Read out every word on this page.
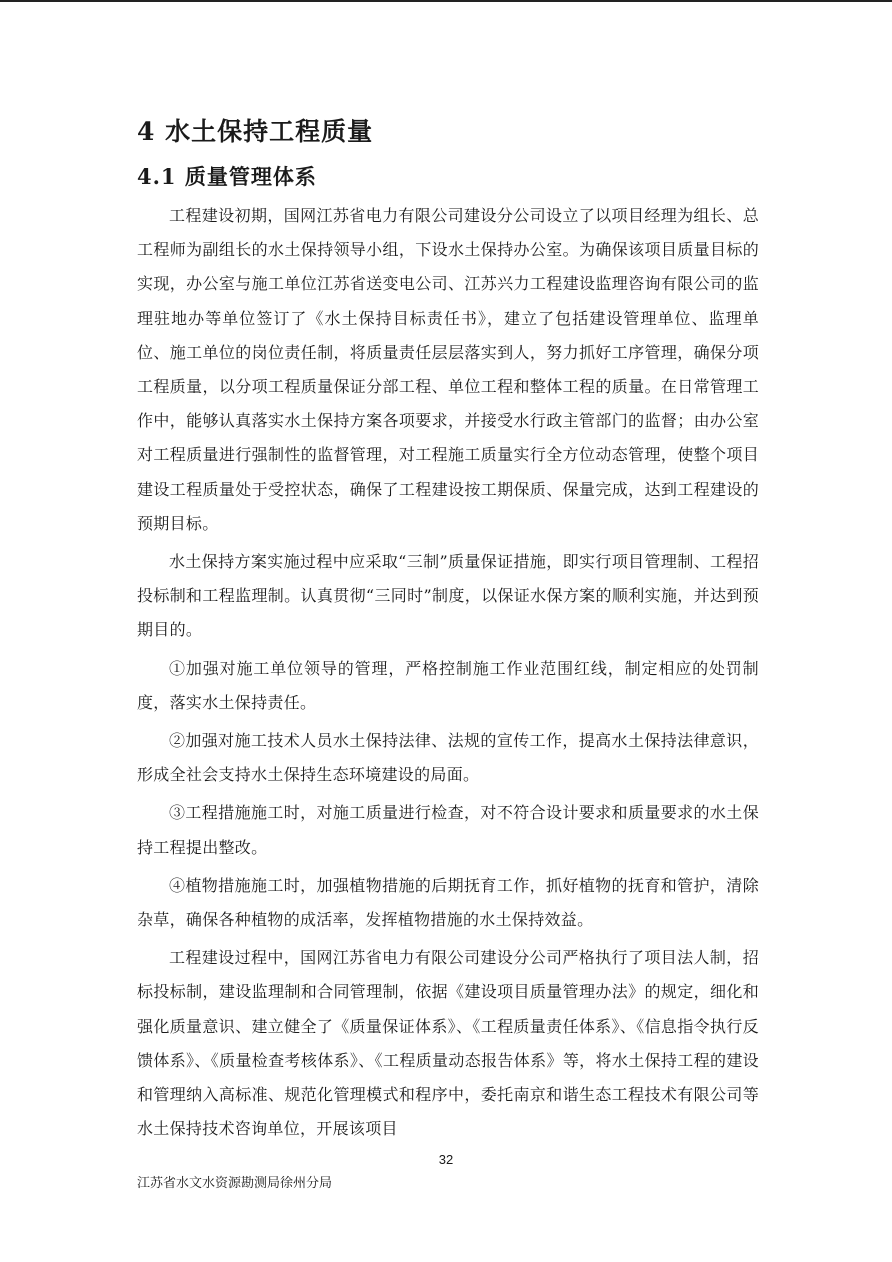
4 水土保持工程质量
4.1 质量管理体系

工程建设初期，国网江苏省电力有限公司建设分公司设立了以项目经理为组长、总工程师为副组长的水土保持领导小组，下设水土保持办公室。为确保该项目质量目标的实现，办公室与施工单位江苏省送变电公司、江苏兴力工程建设监理咨询有限公司的监理驻地办等单位签订了《水土保持目标责任书》，建立了包括建设管理单位、监理单位、施工单位的岗位责任制，将质量责任层层落实到人，努力抓好工序管理，确保分项工程质量，以分项工程质量保证分部工程、单位工程和整体工程的质量。在日常管理工作中，能够认真落实水土保持方案各项要求，并接受水行政主管部门的监督；由办公室对工程质量进行强制性的监督管理，对工程施工质量实行全方位动态管理，使整个项目建设工程质量处于受控状态，确保了工程建设按工期保质、保量完成，达到工程建设的预期目标。

水土保持方案实施过程中应采取“三制”质量保证措施，即实行项目管理制、工程招投标制和工程监理制。认真贯彻“三同时”制度，以保证水保方案的顺利实施，并达到预期目的。

①加强对施工单位领导的管理，严格控制施工作业范围红线，制定相应的处罚制度，落实水土保持责任。

②加强对施工技术人员水土保持法律、法规的宣传工作，提高水土保持法律意识，形成全社会支持水土保持生态环境建设的局面。

③工程措施施工时，对施工质量进行检查，对不符合设计要求和质量要求的水土保持工程提出整改。

④植物措施施工时，加强植物措施的后期抚育工作，抓好植物的抚育和管护，清除杂草，确保各种植物的成活率，发挥植物措施的水土保持效益。

工程建设过程中，国网江苏省电力有限公司建设分公司严格执行了项目法人制，招标投标制，建设监理制和合同管理制，依据《建设项目质量管理办法》的规定，细化和强化质量意识、建立健全了《质量保证体系》、《工程质量责任体系》、《信息指令执行反馈体系》、《质量检查考核体系》、《工程质量动态报告体系》等，将水土保持工程的建设和管理纳入高标准、规范化管理模式和程序中，委托南京和谐生态工程技术有限公司等水土保持技术咨询单位，开展该项目

32
江苏省水文水资源勘测局徐州分局
